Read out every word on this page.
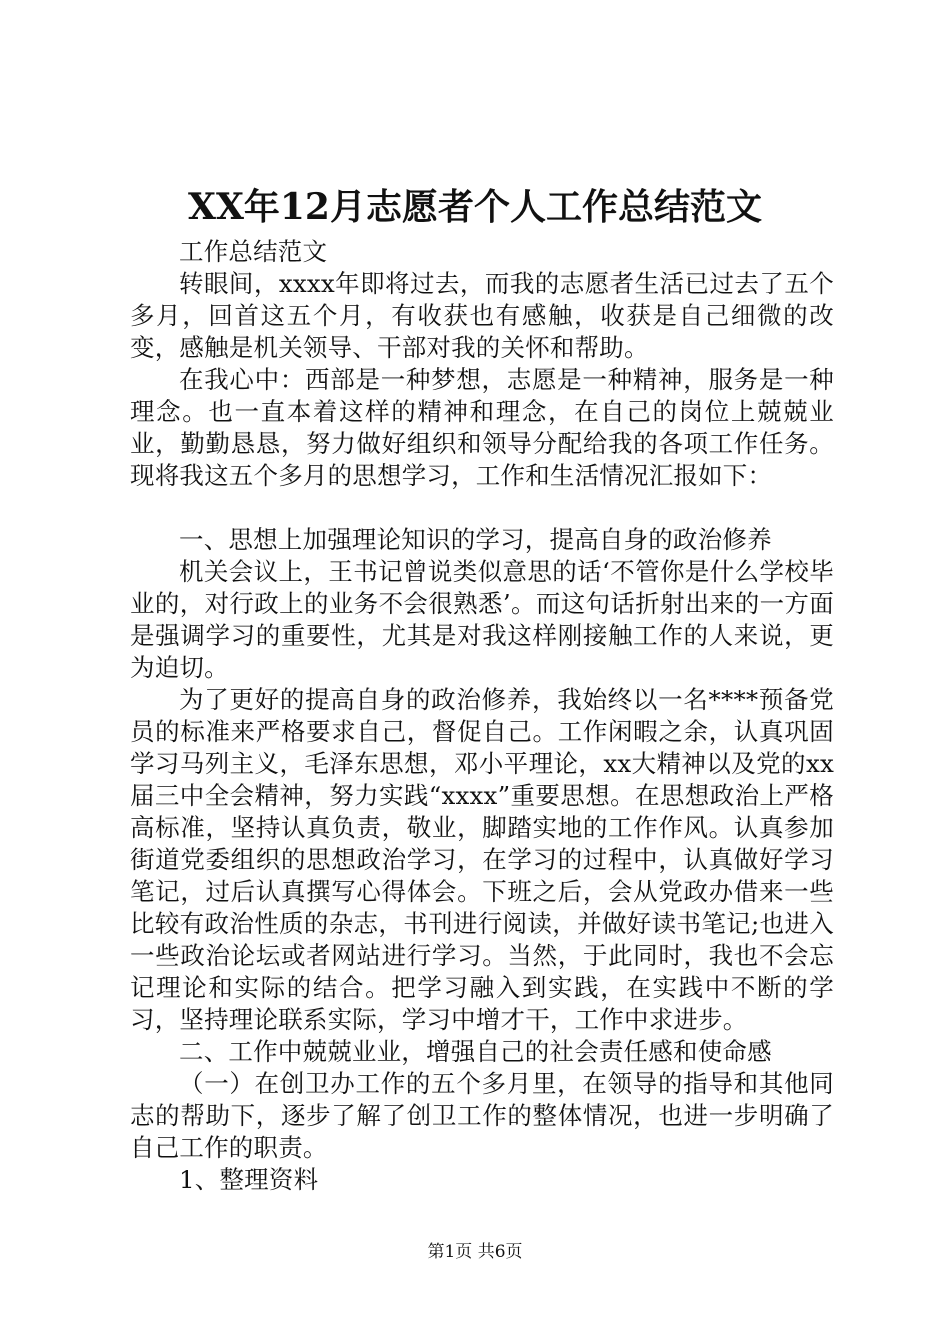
XX年12月志愿者个人工作总结范文

工作总结范文

转眼间，xxxx年即将过去，而我的志愿者生活已过去了五个多月，回首这五个月，有收获也有感触，收获是自己细微的改变，感触是机关领导、干部对我的关怀和帮助。

在我心中：西部是一种梦想，志愿是一种精神，服务是一种理念。也一直本着这样的精神和理念，在自己的岗位上兢兢业业，勤勤恳恳，努力做好组织和领导分配给我的各项工作任务。现将我这五个多月的思想学习，工作和生活情况汇报如下：

一、思想上加强理论知识的学习，提高自身的政治修养

机关会议上，王书记曾说类似意思的话‘不管你是什么学校毕业的，对行政上的业务不会很熟悉’。而这句话折射出来的一方面是强调学习的重要性，尤其是对我这样刚接触工作的人来说，更为迫切。

为了更好的提高自身的政治修养，我始终以一名****预备党员的标准来严格要求自己，督促自己。工作闲暇之余，认真巩固学习马列主义，毛泽东思想，邓小平理论，xx大精神以及党的xx届三中全会精神，努力实践“xxxx”重要思想。在思想政治上严格高标准，坚持认真负责，敬业，脚踏实地的工作作风。认真参加街道党委组织的思想政治学习，在学习的过程中，认真做好学习笔记，过后认真撰写心得体会。下班之后，会从党政办借来一些比较有政治性质的杂志，书刊进行阅读，并做好读书笔记;也进入一些政治论坛或者网站进行学习。当然，于此同时，我也不会忘记理论和实际的结合。把学习融入到实践，在实践中不断的学习，坚持理论联系实际，学习中增才干，工作中求进步。

二、工作中兢兢业业，增强自己的社会责任感和使命感

（一）在创卫办工作的五个多月里，在领导的指导和其他同志的帮助下，逐步了解了创卫工作的整体情况，也进一步明确了自己工作的职责。

1、整理资料

第1页 共6页
